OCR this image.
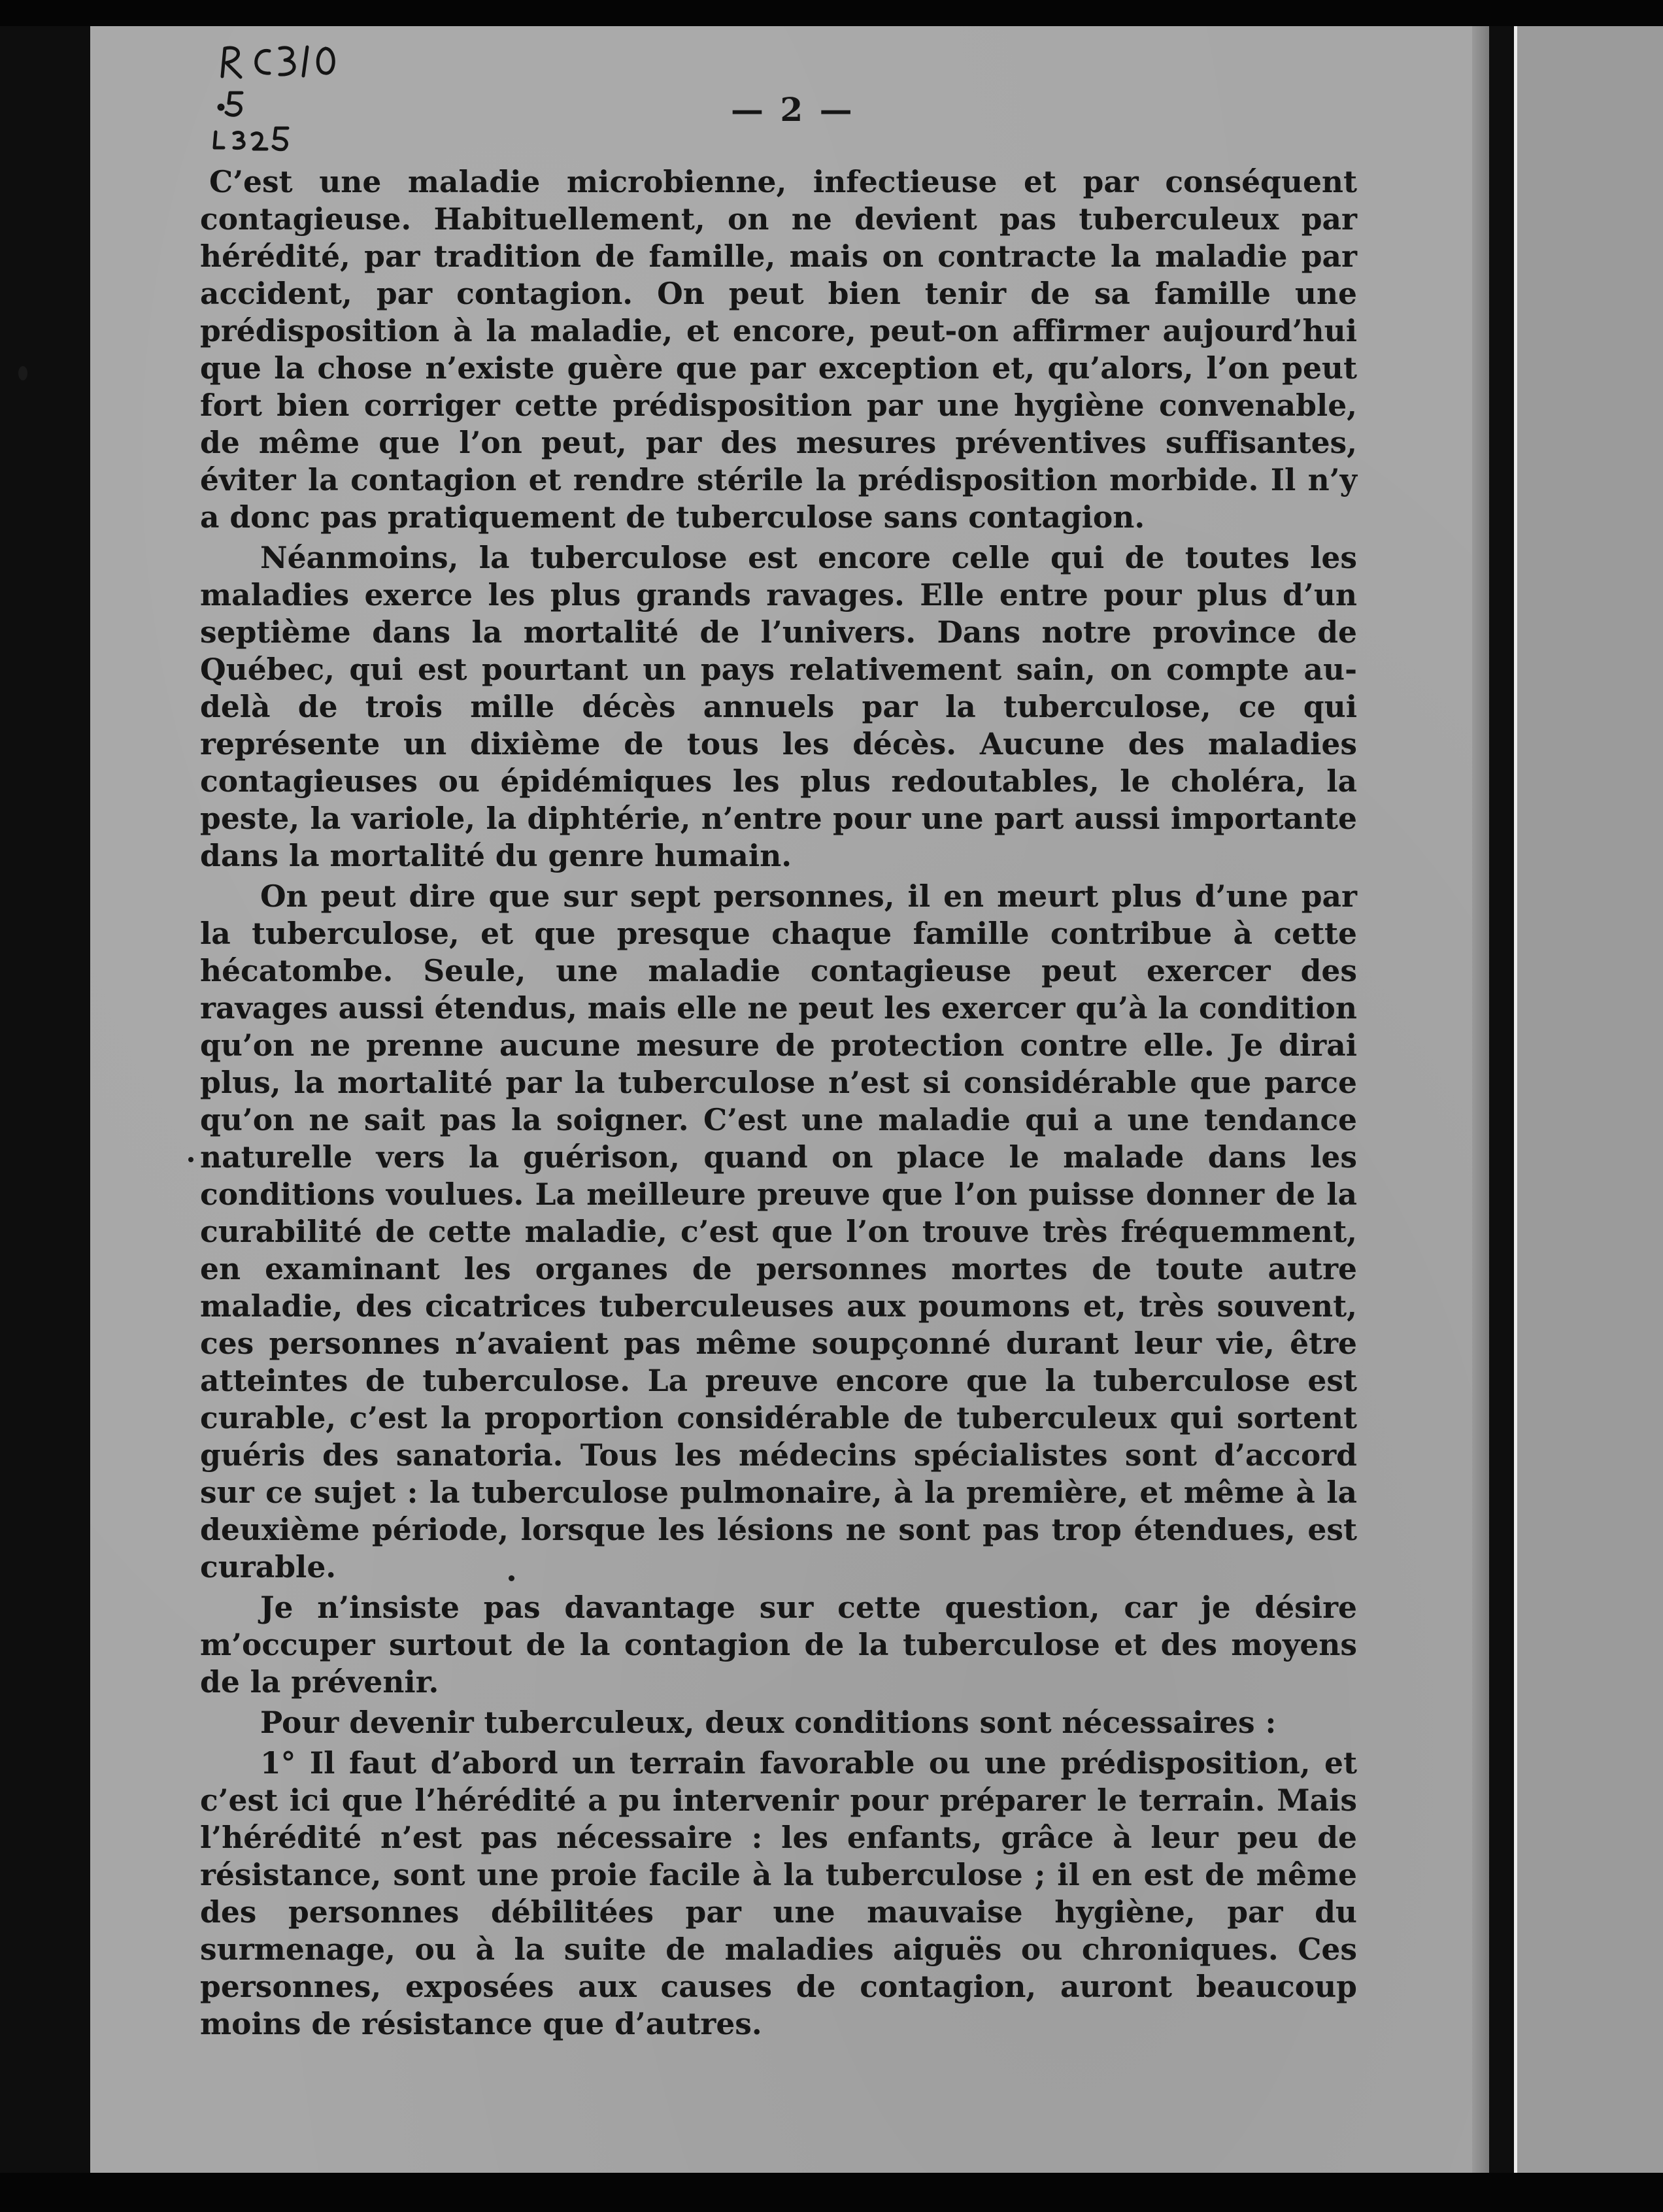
— 2 —

C’est une maladie microbienne, infectieuse et par conséquent contagieuse. Habituellement, on ne devient pas tuberculeux par hérédité, par tradition de famille, mais on contracte la maladie par accident, par contagion. On peut bien tenir de sa famille une prédisposition à la maladie, et encore, peut-on affirmer aujourd’hui que la chose n’existe guère que par exception et, qu’alors, l’on peut fort bien corriger cette prédisposition par une hygiène convenable, de même que l’on peut, par des mesures préventives suffisantes, éviter la contagion et rendre stérile la prédisposition morbide. Il n’y a donc pas pratiquement de tuberculose sans contagion.

Néanmoins, la tuberculose est encore celle qui de toutes les maladies exerce les plus grands ravages. Elle entre pour plus d’un septième dans la mortalité de l’univers. Dans notre province de Québec, qui est pourtant un pays relativement sain, on compte au-delà de trois mille décès annuels par la tuberculose, ce qui représente un dixième de tous les décès. Aucune des maladies contagieuses ou épidémiques les plus redoutables, le choléra, la peste, la variole, la diphtérie, n’entre pour une part aussi importante dans la mortalité du genre humain.

On peut dire que sur sept personnes, il en meurt plus d’une par la tuberculose, et que presque chaque famille contribue à cette hécatombe. Seule, une maladie contagieuse peut exercer des ravages aussi étendus, mais elle ne peut les exercer qu’à la condition qu’on ne prenne aucune mesure de protection contre elle. Je dirai plus, la mortalité par la tuberculose n’est si considérable que parce qu’on ne sait pas la soigner. C’est une maladie qui a une tendance naturelle vers la guérison, quand on place le malade dans les conditions voulues. La meilleure preuve que l’on puisse donner de la curabilité de cette maladie, c’est que l’on trouve très fréquemment, en examinant les organes de personnes mortes de toute autre maladie, des cicatrices tuberculeuses aux poumons et, très souvent, ces personnes n’avaient pas même soupçonné durant leur vie, être atteintes de tuberculose. La preuve encore que la tuberculose est curable, c’est la proportion considérable de tuberculeux qui sortent guéris des sanatoria. Tous les médecins spécialistes sont d’accord sur ce sujet : la tuberculose pulmonaire, à la première, et même à la deuxième période, lorsque les lésions ne sont pas trop étendues, est curable.

Je n’insiste pas davantage sur cette question, car je désire m’occuper surtout de la contagion de la tuberculose et des moyens de la prévenir.

Pour devenir tuberculeux, deux conditions sont nécessaires :

1° Il faut d’abord un terrain favorable ou une prédisposition, et c’est ici que l’hérédité a pu intervenir pour préparer le terrain. Mais l’hérédité n’est pas nécessaire : les enfants, grâce à leur peu de résistance, sont une proie facile à la tuberculose ; il en est de même des personnes débilitées par une mauvaise hygiène, par du surmenage, ou à la suite de maladies aiguës ou chroniques. Ces personnes, exposées aux causes de contagion, auront beaucoup moins de résistance que d’autres.
